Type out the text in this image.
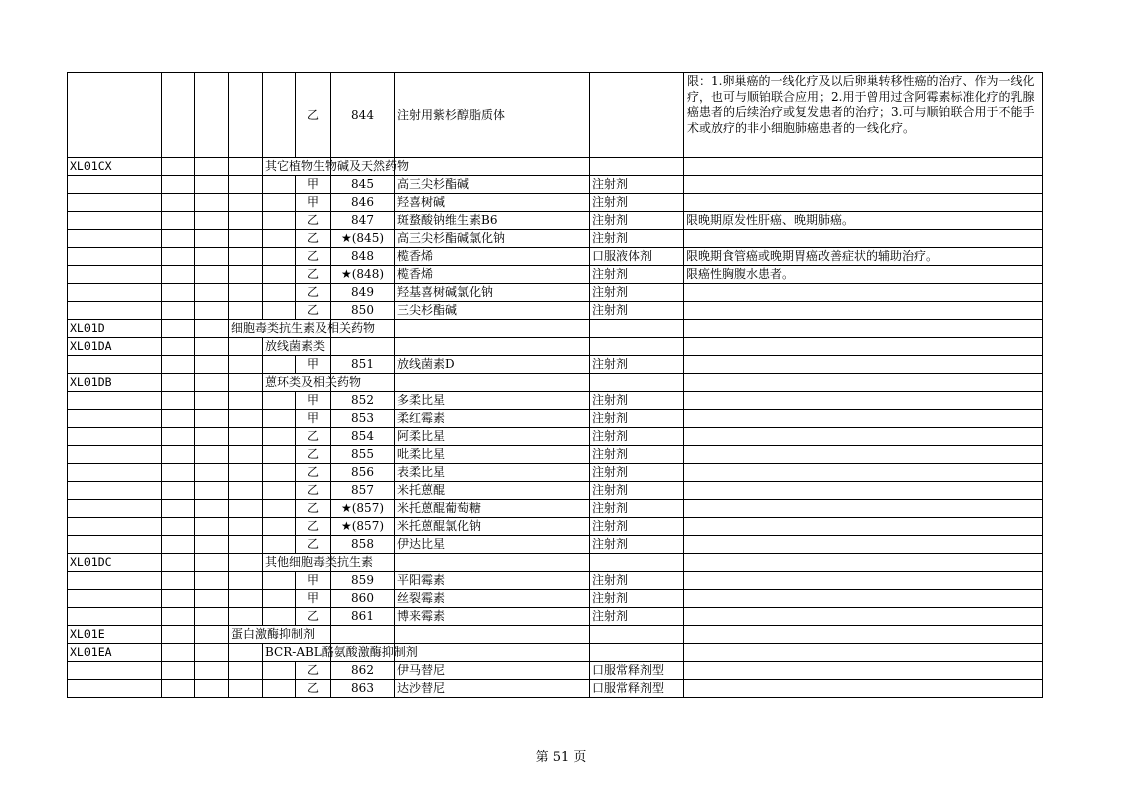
					乙	844	注射用紫杉醇脂质体		限：1.卵巢癌的一线化疗及以后卵巢转移性癌的治疗、作为一线化疗，也可与顺铂联合应用；2.用于曾用过含阿霉素标准化疗的乳腺癌患者的后续治疗或复发患者的治疗；3.可与顺铂联合用于不能手术或放疗的非小细胞肺癌患者的一线化疗。
XL01CX				其它植物生物碱及天然药物					
					甲	845	高三尖杉酯碱	注射剂	
					甲	846	羟喜树碱	注射剂	
					乙	847	斑蝥酸钠维生素B6	注射剂	限晚期原发性肝癌、晚期肺癌。
					乙	★(845)	高三尖杉酯碱氯化钠	注射剂	
					乙	848	榄香烯	口服液体剂	限晚期食管癌或晚期胃癌改善症状的辅助治疗。
					乙	★(848)	榄香烯	注射剂	限癌性胸腹水患者。
					乙	849	羟基喜树碱氯化钠	注射剂	
					乙	850	三尖杉酯碱	注射剂	
XL01D			细胞毒类抗生素及相关药物						
XL01DA				放线菌素类					
					甲	851	放线菌素D	注射剂	
XL01DB				蒽环类及相关药物					
					甲	852	多柔比星	注射剂	
					甲	853	柔红霉素	注射剂	
					乙	854	阿柔比星	注射剂	
					乙	855	吡柔比星	注射剂	
					乙	856	表柔比星	注射剂	
					乙	857	米托蒽醌	注射剂	
					乙	★(857)	米托蒽醌葡萄糖	注射剂	
					乙	★(857)	米托蒽醌氯化钠	注射剂	
					乙	858	伊达比星	注射剂	
XL01DC				其他细胞毒类抗生素					
					甲	859	平阳霉素	注射剂	
					甲	860	丝裂霉素	注射剂	
					乙	861	博来霉素	注射剂	
XL01E			蛋白激酶抑制剂						
XL01EA				BCR-ABL酪氨酸激酶抑制剂					
					乙	862	伊马替尼	口服常释剂型	
					乙	863	达沙替尼	口服常释剂型	
第 51 页
